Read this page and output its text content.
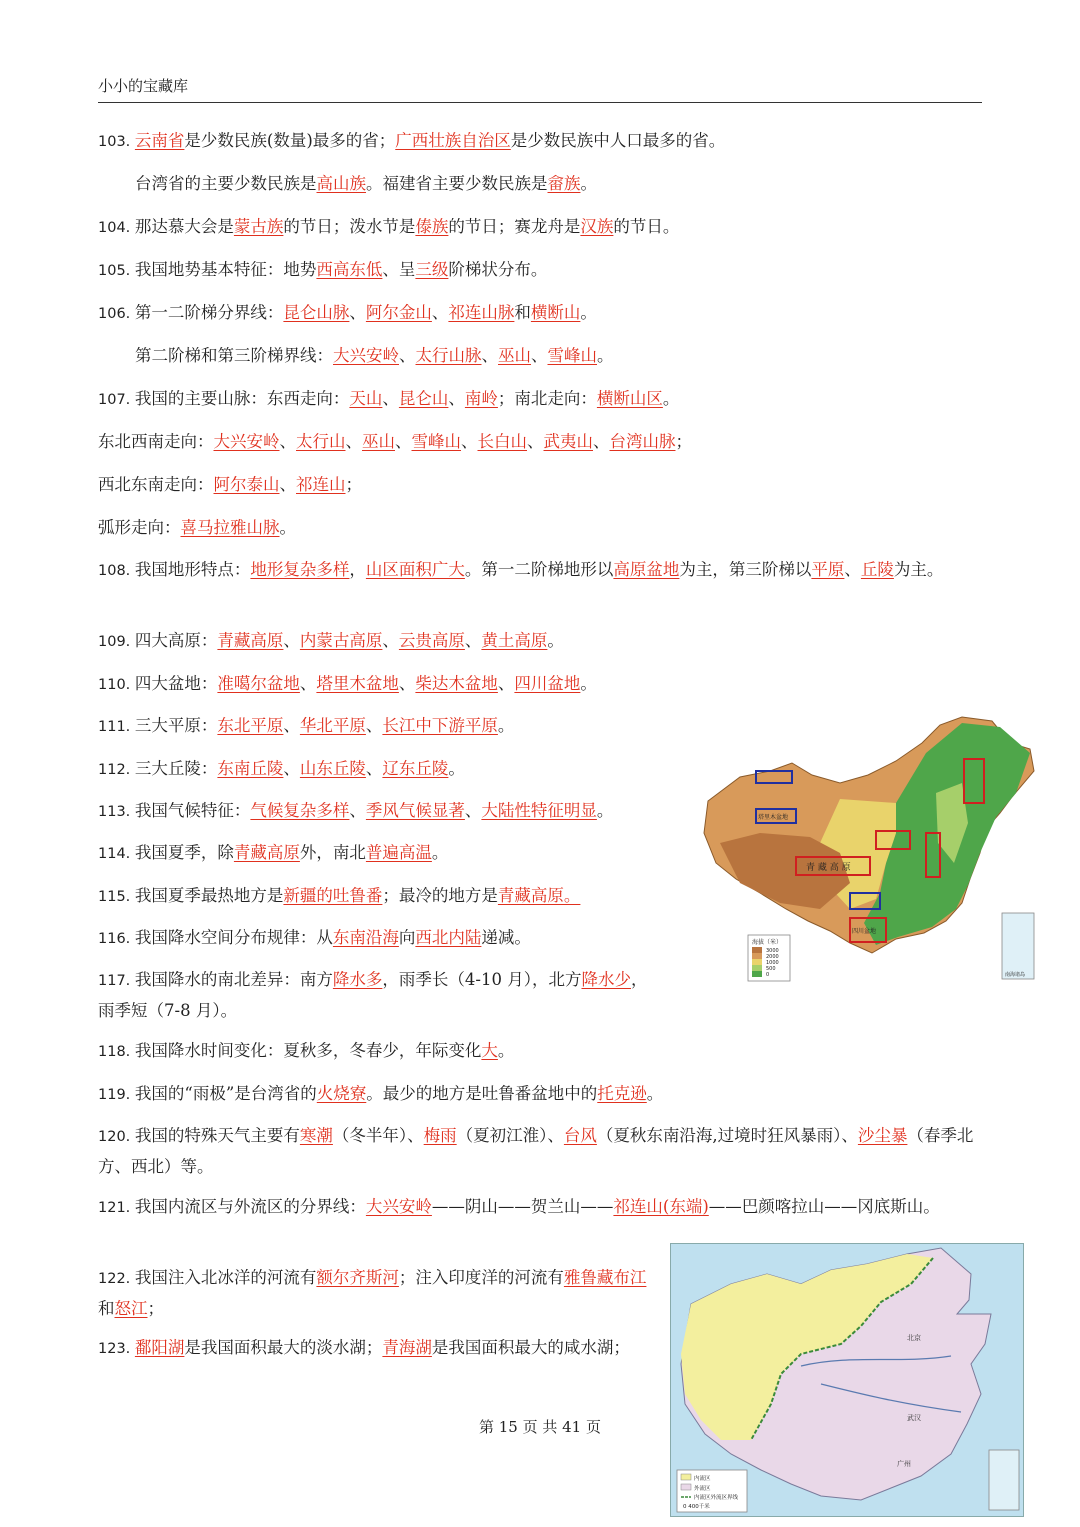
小小的宝藏库
103. 云南省是少数民族(数量)最多的省；广西壮族自治区是少数民族中人口最多的省。
台湾省的主要少数民族是高山族。福建省主要少数民族是畲族。
104. 那达慕大会是蒙古族的节日；泼水节是傣族的节日；赛龙舟是汉族的节日。
105. 我国地势基本特征：地势西高东低、呈三级阶梯状分布。
106. 第一二阶梯分界线：昆仑山脉、阿尔金山、祁连山脉和横断山。
第二阶梯和第三阶梯界线：大兴安岭、太行山脉、巫山、雪峰山。
107. 我国的主要山脉：东西走向：天山、昆仑山、南岭；南北走向：横断山区。
东北西南走向：大兴安岭、太行山、巫山、雪峰山、长白山、武夷山、台湾山脉；
西北东南走向：阿尔泰山、祁连山；
弧形走向：喜马拉雅山脉。
108. 我国地形特点：地形复杂多样，山区面积广大。第一二阶梯地形以高原盆地为主，第三阶梯以平原、丘陵为主。
109. 四大高原：青藏高原、内蒙古高原、云贵高原、黄土高原。
110. 四大盆地：准噶尔盆地、塔里木盆地、柴达木盆地、四川盆地。
111. 三大平原：东北平原、华北平原、长江中下游平原。
112. 三大丘陵：东南丘陵、山东丘陵、辽东丘陵。
113. 我国气候特征：气候复杂多样、季风气候显著、大陆性特征明显。
114. 我国夏季，除青藏高原外，南北普遍高温。
115. 我国夏季最热地方是新疆的吐鲁番；最冷的地方是青藏高原。
116. 我国降水空间分布规律：从东南沿海向西北内陆递减。
117. 我国降水的南北差异：南方降水多，雨季长（4-10 月），北方降水少，雨季短（7-8 月）。
118. 我国降水时间变化：夏秋多，冬春少，年际变化大。
119. 我国的“雨极”是台湾省的火烧寮。最少的地方是吐鲁番盆地中的托克逊。
120. 我国的特殊天气主要有寒潮（冬半年）、梅雨（夏初江淮）、台风（夏秋东南沿海,过境时狂风暴雨）、沙尘暴（春季北方、西北）等。
121. 我国内流区与外流区的分界线：大兴安岭——阴山——贺兰山——祁连山(东端)——巴颜喀拉山——冈底斯山。
122. 我国注入北冰洋的河流有额尔齐斯河；注入印度洋的河流有雅鲁藏布江和怒江；
123. 鄱阳湖是我国面积最大的淡水湖；青海湖是我国面积最大的咸水湖；
青 藏 高 原
塔里木盆地
四川盆地
海拔（米）
3000
2000
1000
500
0	南海诸岛
北京
武汉
广州
内流区
外流区
内流区外流区界线
0 400千米
第 15 页 共 41 页
